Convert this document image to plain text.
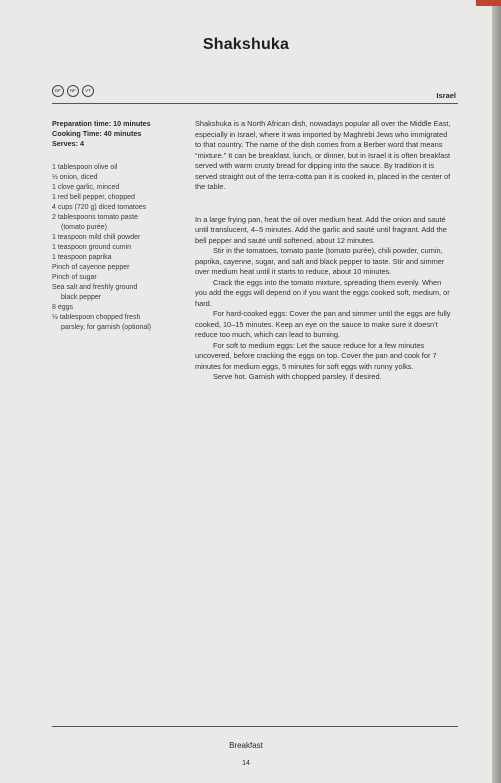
Shakshuka
DF	NF	VT
Israel
Preparation time: 10 minutes
Cooking Time: 40 minutes
Serves: 4
1 tablespoon olive oil
½ onion, diced
1 clove garlic, minced
1 red bell pepper, chopped
4 cups (720 g) diced tomatoes
2 tablespoons tomato paste
(tomato purée)
1 teaspoon mild chili powder
1 teaspoon ground cumin
1 teaspoon paprika
Pinch of cayenne pepper
Pinch of sugar
Sea salt and freshly ground
black pepper
8 eggs
½ tablespoon chopped fresh
parsley, for garnish (optional)

Shakshuka is a North African dish, nowadays popular all over the Middle East, especially in Israel, where it was imported by Maghrebi Jews who immigrated to that country. The name of the dish comes from a Berber word that means “mixture.” It can be breakfast, lunch, or dinner, but in Israel it is often breakfast served with warm crusty bread for dipping into the sauce. By tradition it is served straight out of the terra-cotta pan it is cooked in, placed in the center of the table.

In a large frying pan, heat the oil over medium heat. Add the onion and sauté until translucent, 4–5 minutes. Add the garlic and sauté until fragrant. Add the bell pepper and sauté until softened, about 12 minutes.

Stir in the tomatoes, tomato paste (tomato purée), chili powder, cumin, paprika, cayenne, sugar, and salt and black pepper to taste. Stir and simmer over medium heat until it starts to reduce, about 10 minutes.

Crack the eggs into the tomato mixture, spreading them evenly. When you add the eggs will depend on if you want the eggs cooked soft, medium, or hard.

For hard-cooked eggs: Cover the pan and simmer until the eggs are fully cooked, 10–15 minutes. Keep an eye on the sauce to make sure it doesn’t reduce too much, which can lead to burning.

For soft to medium eggs: Let the sauce reduce for a few minutes uncovered, before cracking the eggs on top. Cover the pan and cook for 7 minutes for medium eggs, 5 minutes for soft eggs with runny yolks.

Serve hot. Garnish with chopped parsley, if desired.

Breakfast
14
